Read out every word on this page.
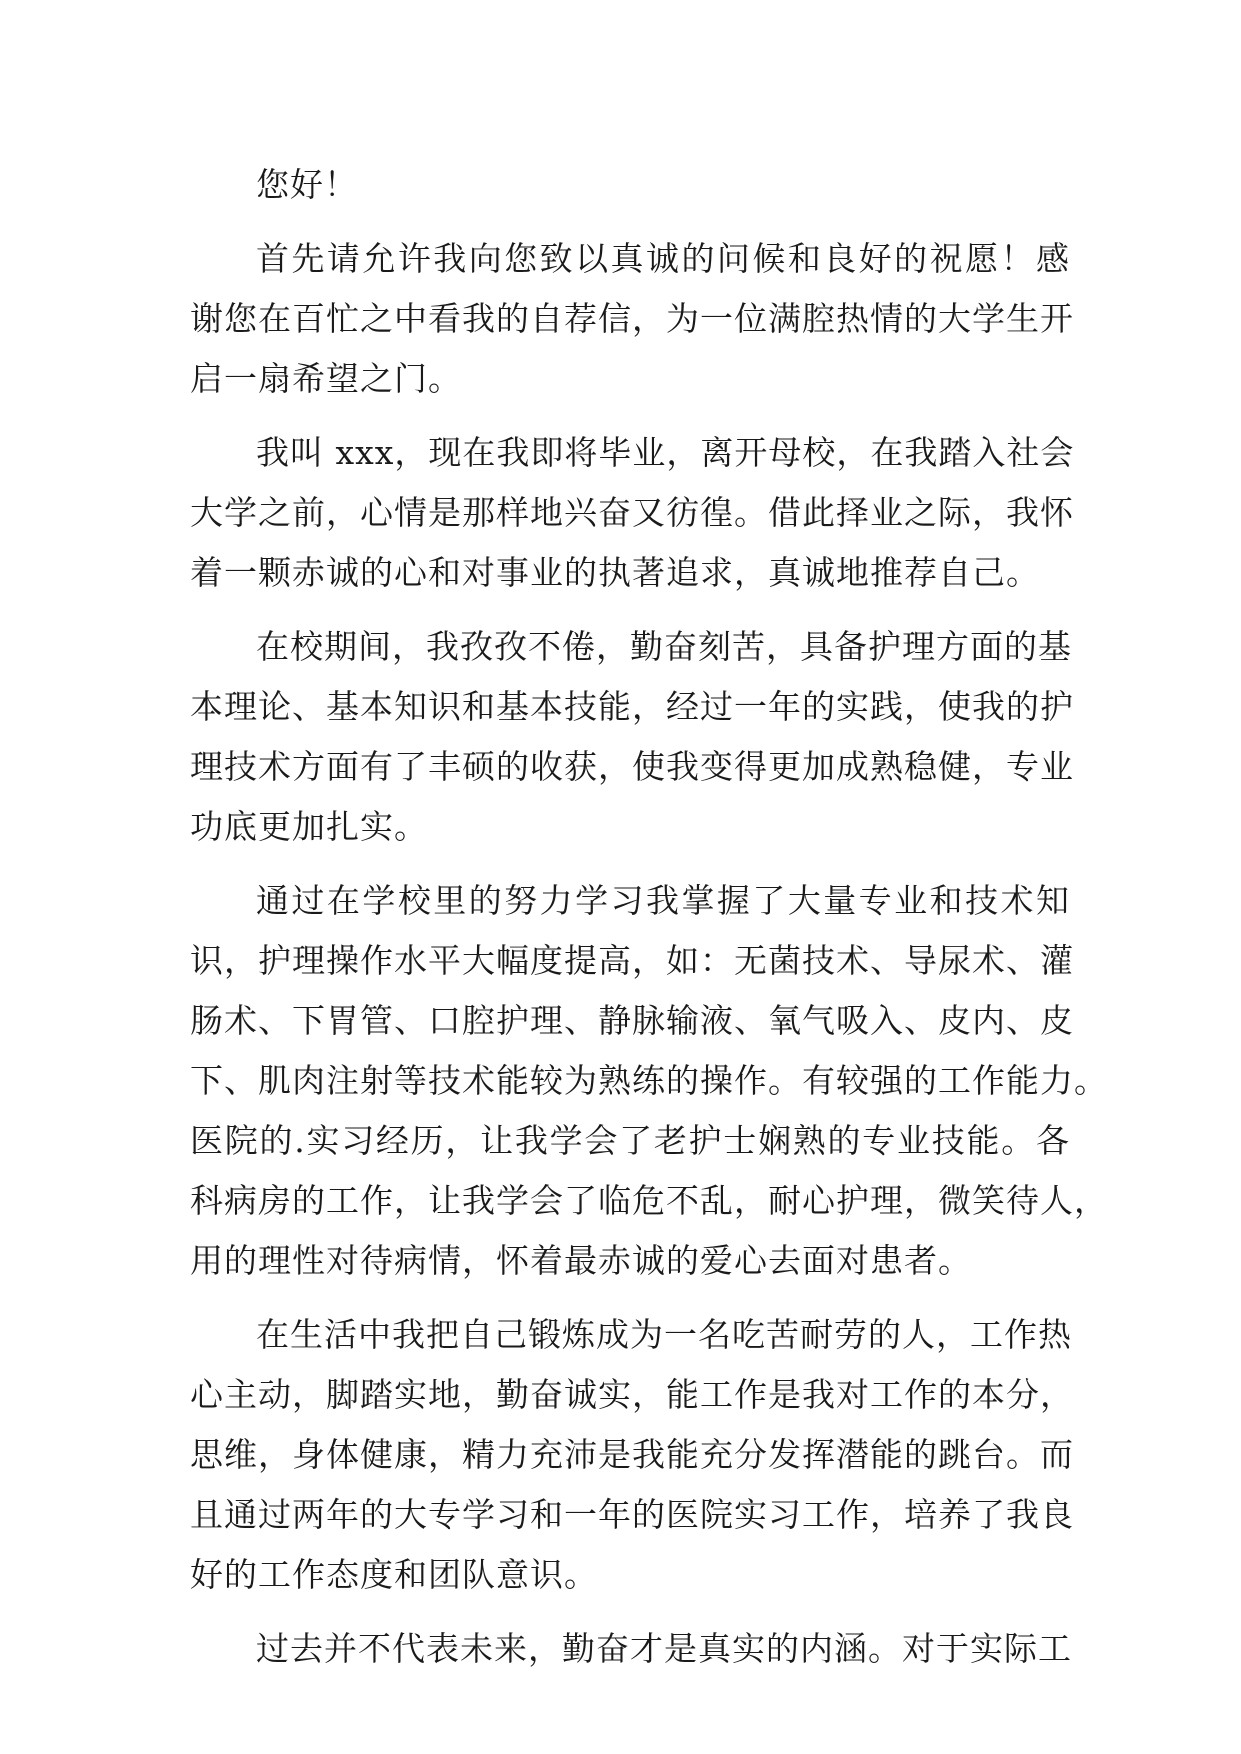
您好！
首先请允许我向您致以真诚的问候和良好的祝愿！感
谢您在百忙之中看我的自荐信，为一位满腔热情的大学生开
启一扇希望之门。
我叫 xxx，现在我即将毕业，离开母校，在我踏入社会
大学之前，心情是那样地兴奋又彷徨。借此择业之际，我怀
着一颗赤诚的心和对事业的执著追求，真诚地推荐自己。
在校期间，我孜孜不倦，勤奋刻苦，具备护理方面的基
本理论、基本知识和基本技能，经过一年的实践，使我的护
理技术方面有了丰硕的收获，使我变得更加成熟稳健，专业
功底更加扎实。
通过在学校里的努力学习我掌握了大量专业和技术知
识，护理操作水平大幅度提高，如：无菌技术、导尿术、灌
肠术、下胃管、口腔护理、静脉输液、氧气吸入、皮内、皮
下、肌肉注射等技术能较为熟练的操作。有较强的工作能力。
医院的.实习经历，让我学会了老护士娴熟的专业技能。各
科病房的工作，让我学会了临危不乱，耐心护理，微笑待人，
用的理性对待病情，怀着最赤诚的爱心去面对患者。
在生活中我把自己锻炼成为一名吃苦耐劳的人，工作热
心主动，脚踏实地，勤奋诚实，能工作是我对工作的本分，
思维，身体健康，精力充沛是我能充分发挥潜能的跳台。而
且通过两年的大专学习和一年的医院实习工作，培养了我良
好的工作态度和团队意识。
过去并不代表未来，勤奋才是真实的内涵。对于实际工
